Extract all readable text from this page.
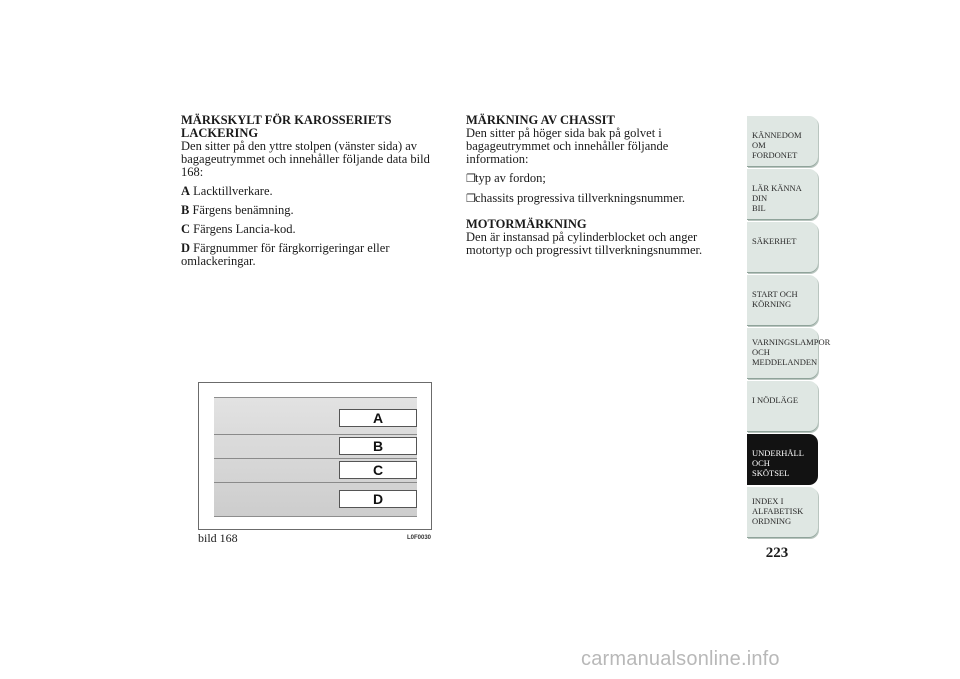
MÄRKSKYLT FÖR KAROSSERIETS LACKERING

Den sitter på den yttre stolpen (vänster sida) av bagageutrymmet och innehåller följande data bild 168:

A Lacktillverkare.

B Färgens benämning.

C Färgens Lancia-kod.

D Färgnummer för färgkorrigeringar eller omlackeringar.

MÄRKNING AV CHASSIT

Den sitter på höger sida bak på golvet i bagageutrymmet och innehåller följande information:

❒typ av fordon;

❒chassits progressiva tillverkningsnummer.

MOTORMÄRKNING

Den är instansad på cylinderblocket och anger motortyp och progressivt tillverkningsnummer.

A
B
C
D
bild 168	L0F0030
KÄNNEDOM OM
FORDONET
LÄR KÄNNA DIN
BIL
SÄKERHET
START OCH
KÖRNING
VARNINGSLAMPOR
OCH
MEDDELANDEN
I NÖDLÄGE
UNDERHÅLL OCH
SKÖTSEL
INDEX I
ALFABETISK
ORDNING
223
carmanualsonline.info
